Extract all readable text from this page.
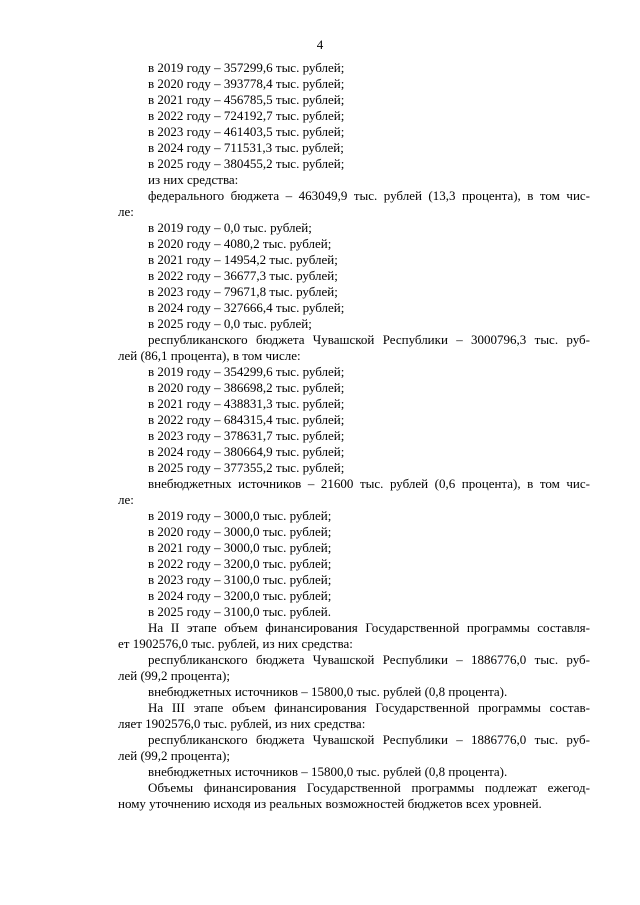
4
в 2019 году – 357299,6 тыс. рублей;
в 2020 году – 393778,4 тыс. рублей;
в 2021 году – 456785,5 тыс. рублей;
в 2022 году – 724192,7 тыс. рублей;
в 2023 году – 461403,5 тыс. рублей;
в 2024 году – 711531,3 тыс. рублей;
в 2025 году – 380455,2 тыс. рублей;
из них средства:
федерального бюджета – 463049,9 тыс. рублей (13,3 процента), в том чис-
ле:
в 2019 году – 0,0 тыс. рублей;
в 2020 году – 4080,2 тыс. рублей;
в 2021 году – 14954,2 тыс. рублей;
в 2022 году – 36677,3 тыс. рублей;
в 2023 году – 79671,8 тыс. рублей;
в 2024 году – 327666,4 тыс. рублей;
в 2025 году – 0,0 тыс. рублей;
республиканского бюджета Чувашской Республики – 3000796,3 тыс. руб-
лей (86,1 процента), в том числе:
в 2019 году – 354299,6 тыс. рублей;
в 2020 году – 386698,2 тыс. рублей;
в 2021 году – 438831,3 тыс. рублей;
в 2022 году – 684315,4 тыс. рублей;
в 2023 году – 378631,7 тыс. рублей;
в 2024 году – 380664,9 тыс. рублей;
в 2025 году – 377355,2 тыс. рублей;
внебюджетных источников – 21600 тыс. рублей (0,6 процента), в том чис-
ле:
в 2019 году – 3000,0 тыс. рублей;
в 2020 году – 3000,0 тыс. рублей;
в 2021 году – 3000,0 тыс. рублей;
в 2022 году – 3200,0 тыс. рублей;
в 2023 году – 3100,0 тыс. рублей;
в 2024 году – 3200,0 тыс. рублей;
в 2025 году – 3100,0 тыс. рублей.
На II этапе объем финансирования Государственной программы составля-
ет 1902576,0 тыс. рублей, из них средства:
республиканского бюджета Чувашской Республики – 1886776,0 тыс. руб-
лей (99,2 процента);
внебюджетных источников – 15800,0 тыс. рублей (0,8 процента).
На III этапе объем финансирования Государственной программы состав-
ляет 1902576,0 тыс. рублей, из них средства:
республиканского бюджета Чувашской Республики – 1886776,0 тыс. руб-
лей (99,2 процента);
внебюджетных источников – 15800,0 тыс. рублей (0,8 процента).
Объемы финансирования Государственной программы подлежат ежегод-
ному уточнению исходя из реальных возможностей бюджетов всех уровней.
